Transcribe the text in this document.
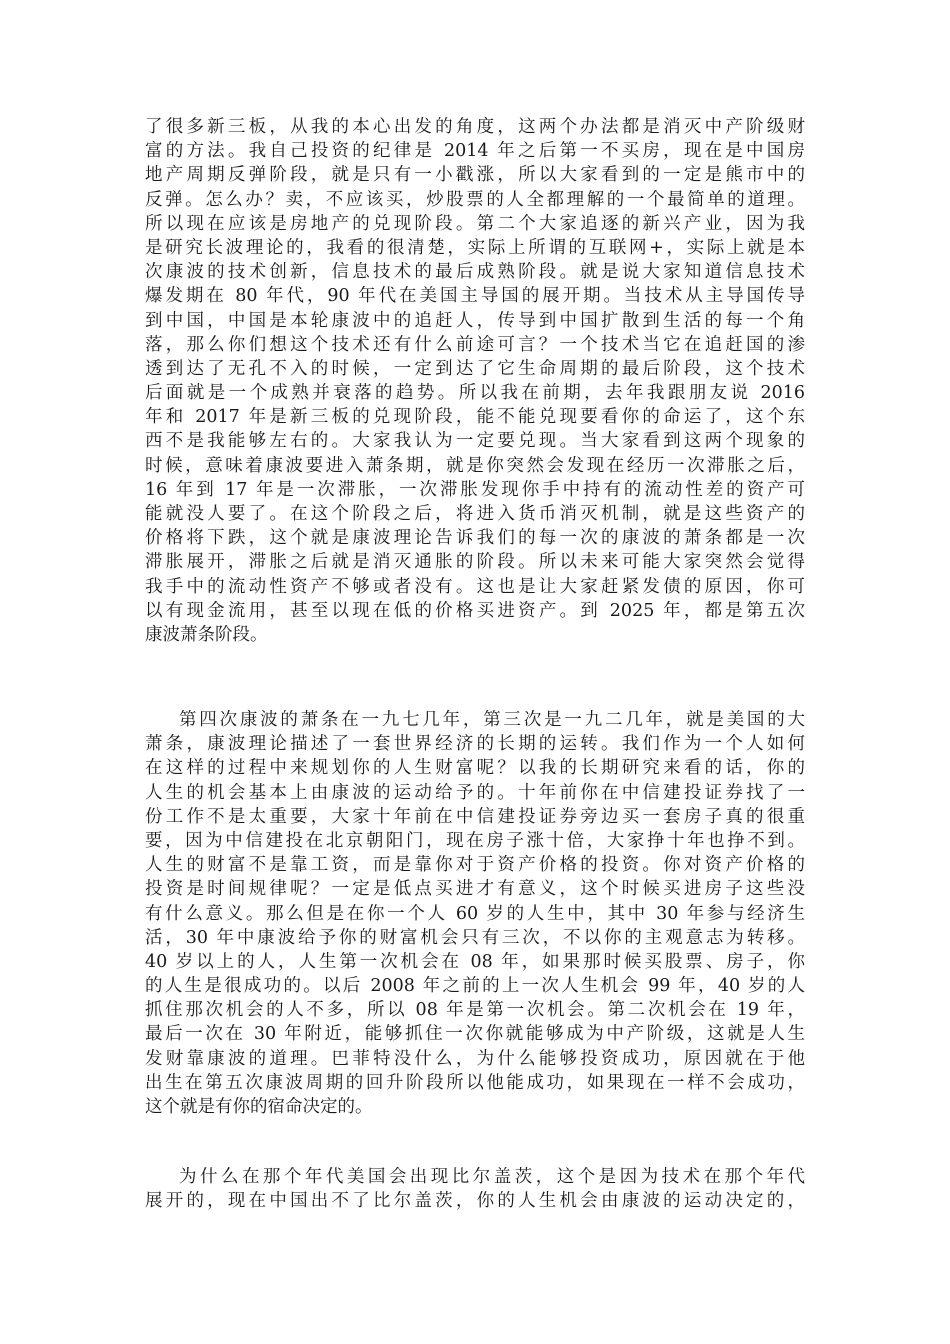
了很多新三板，从我的本心出发的角度，这两个办法都是消灭中产阶级财
富的方法。我自己投资的纪律是 2014 年之后第一不买房，现在是中国房
地产周期反弹阶段，就是只有一小戳涨，所以大家看到的一定是熊市中的
反弹。怎么办？卖，不应该买，炒股票的人全都理解的一个最简单的道理。
所以现在应该是房地产的兑现阶段。第二个大家追逐的新兴产业，因为我
是研究长波理论的，我看的很清楚，实际上所谓的互联网+，实际上就是本
次康波的技术创新，信息技术的最后成熟阶段。就是说大家知道信息技术
爆发期在 80 年代，90 年代在美国主导国的展开期。当技术从主导国传导
到中国，中国是本轮康波中的追赶人，传导到中国扩散到生活的每一个角
落，那么你们想这个技术还有什么前途可言？一个技术当它在追赶国的渗
透到达了无孔不入的时候，一定到达了它生命周期的最后阶段，这个技术
后面就是一个成熟并衰落的趋势。所以我在前期，去年我跟朋友说 2016
年和 2017 年是新三板的兑现阶段，能不能兑现要看你的命运了，这个东
西不是我能够左右的。大家我认为一定要兑现。当大家看到这两个现象的
时候，意味着康波要进入萧条期，就是你突然会发现在经历一次滞胀之后，
16 年到 17 年是一次滞胀，一次滞胀发现你手中持有的流动性差的资产可
能就没人要了。在这个阶段之后，将进入货币消灭机制，就是这些资产的
价格将下跌，这个就是康波理论告诉我们的每一次的康波的萧条都是一次
滞胀展开，滞胀之后就是消灭通胀的阶段。所以未来可能大家突然会觉得
我手中的流动性资产不够或者没有。这也是让大家赶紧发债的原因，你可
以有现金流用，甚至以现在低的价格买进资产。到 2025 年，都是第五次
康波萧条阶段。
第四次康波的萧条在一九七几年，第三次是一九二几年，就是美国的大
萧条，康波理论描述了一套世界经济的长期的运转。我们作为一个人如何
在这样的过程中来规划你的人生财富呢？以我的长期研究来看的话，你的
人生的机会基本上由康波的运动给予的。十年前你在中信建投证券找了一
份工作不是太重要，大家十年前在中信建投证券旁边买一套房子真的很重
要，因为中信建投在北京朝阳门，现在房子涨十倍，大家挣十年也挣不到。
人生的财富不是靠工资，而是靠你对于资产价格的投资。你对资产价格的
投资是时间规律呢？一定是低点买进才有意义，这个时候买进房子这些没
有什么意义。那么但是在你一个人 60 岁的人生中，其中 30 年参与经济生
活，30 年中康波给予你的财富机会只有三次，不以你的主观意志为转移。
40 岁以上的人，人生第一次机会在 08 年，如果那时候买股票、房子，你
的人生是很成功的。以后 2008 年之前的上一次人生机会 99 年，40 岁的人
抓住那次机会的人不多，所以 08 年是第一次机会。第二次机会在 19 年，
最后一次在 30 年附近，能够抓住一次你就能够成为中产阶级，这就是人生
发财靠康波的道理。巴菲特没什么，为什么能够投资成功，原因就在于他
出生在第五次康波周期的回升阶段所以他能成功，如果现在一样不会成功，
这个就是有你的宿命决定的。
为什么在那个年代美国会出现比尔盖茨，这个是因为技术在那个年代
展开的，现在中国出不了比尔盖茨，你的人生机会由康波的运动决定的，
